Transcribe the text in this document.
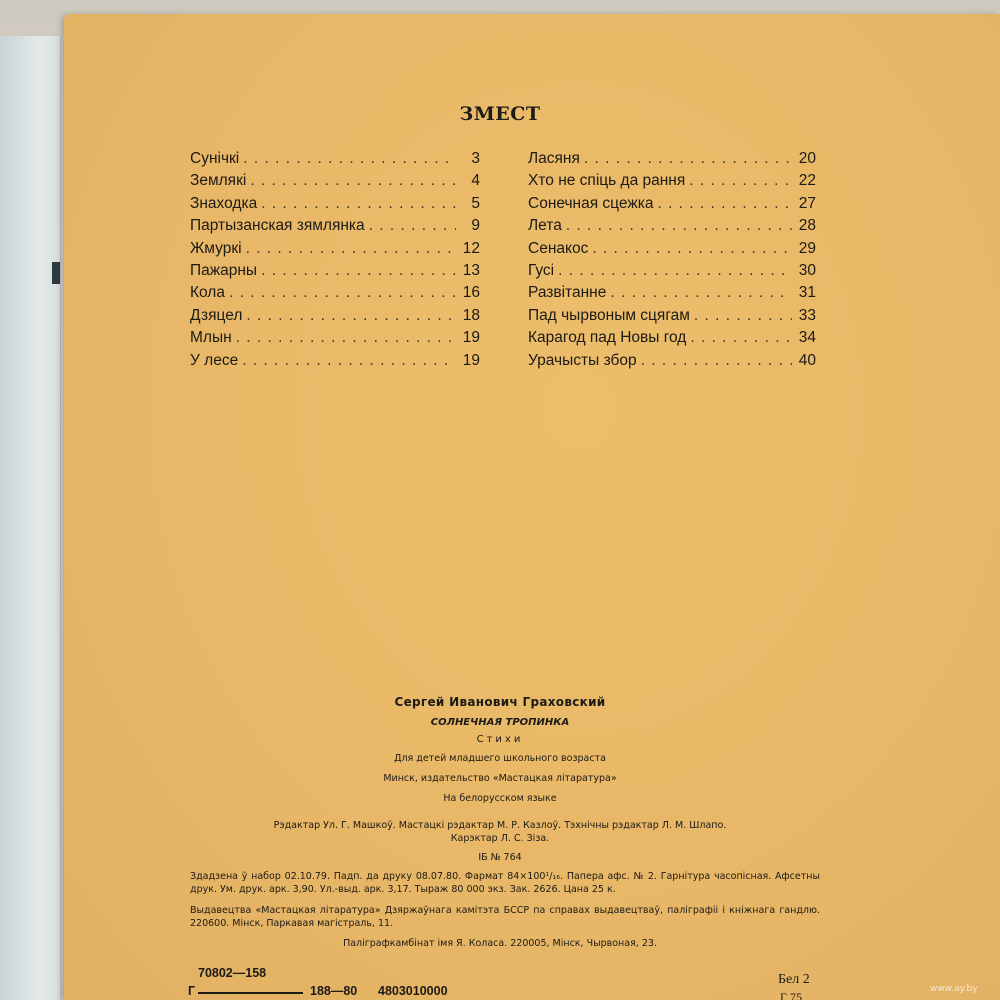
ЗМЕСТ
Сунічкі . . .	3
Землякі . . .	4
Знаходка . . .	5
Партызанская зямлянка . . .	9
Жмуркі . . .	12
Пажарны . . .	13
Кола . . .	16
Дзяцел . . .	18
Млын . . .	19
У лесе . . .	19
Ласяня . . .	20
Хто не спіць да рання . . .	22
Сонечная сцежка . . .	27
Лета . . .	28
Сенакос . . .	29
Гусі . . .	30
Развітанне . . .	31
Пад чырвоным сцягам . . .	33
Карагод пад Новы год . . .	34
Урачысты збор . . .	40
Сергей Иванович Граховский
СОЛНЕЧНАЯ ТРОПИНКА
Стихи
Для детей младшего школьного возраста
Минск, издательство «Мастацкая літаратура»
На белорусском языке
Рэдактар Ул. Г. Машкоў. Мастацкі рэдактар М. Р. Казлоў. Тэхнічны рэдактар Л. М. Шлапо.
Карэктар Л. С. Зіза.
ІБ № 764
Здадзена ў набор 02.10.79. Падп. да друку 08.07.80. Фармат 84×100¹/₁₆. Папера афс. № 2. Гарнітура часопісная. Афсетны друк. Ум. друк. арк. 3,90. Ул.-выд. арк. 3,17. Тыраж 80 000 экз. Зак. 2626. Цана 25 к.
Выдавецтва «Мастацкая літаратура» Дзяржаўнага камітэта БССР па справах выдавецтваў, паліграфіі і кніжнага гандлю. 220600. Мінск, Паркавая магістраль, 11.
Паліграфкамбінат імя Я. Коласа. 220005, Мінск, Чырвоная, 23.
70802—158
Г	188—80 4803010000
Бел 2
Г 75
www.ay.by
